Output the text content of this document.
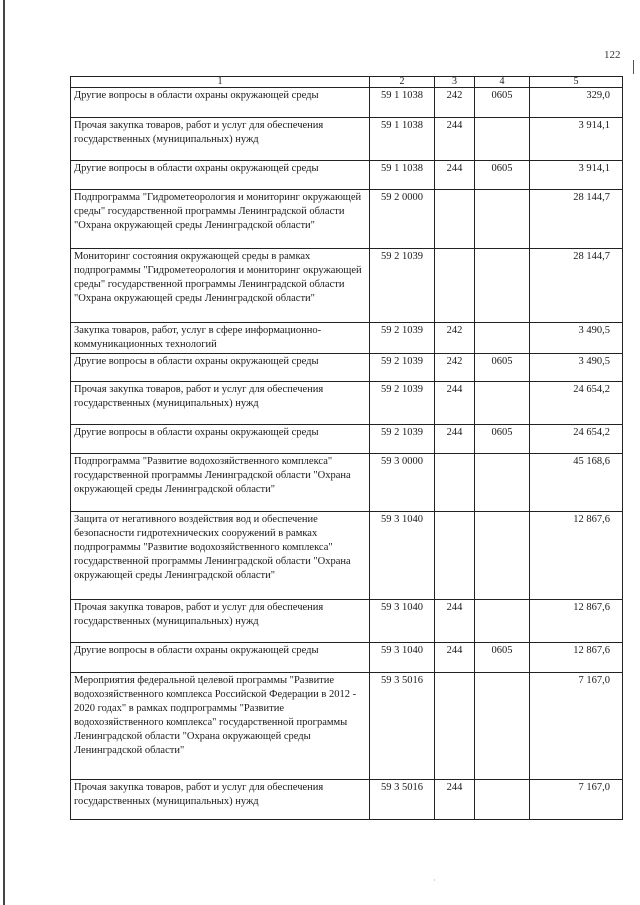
122
1	2	3	4	5
Другие вопросы в области охраны окружающей среды	59 1 1038	242	0605	329,0
Прочая закупка товаров, работ и услуг для обеспечения государственных (муниципальных) нужд	59 1 1038	244		3 914,1
Другие вопросы в области охраны окружающей среды	59 1 1038	244	0605	3 914,1
Подпрограмма "Гидрометеорология и мониторинг окружающей среды" государственной программы Ленинградской области "Охрана окружающей среды Ленинградской области"	59 2 0000			28 144,7
Мониторинг состояния окружающей среды в рамках подпрограммы "Гидрометеорология и мониторинг окружающей среды" государственной программы Ленинградской области "Охрана окружающей среды Ленинградской области"	59 2 1039			28 144,7
Закупка товаров, работ, услуг в сфере информационно-коммуникационных технологий	59 2 1039	242		3 490,5
Другие вопросы в области охраны окружающей среды	59 2 1039	242	0605	3 490,5
Прочая закупка товаров, работ и услуг для обеспечения государственных (муниципальных) нужд	59 2 1039	244		24 654,2
Другие вопросы в области охраны окружающей среды	59 2 1039	244	0605	24 654,2
Подпрограмма "Развитие водохозяйственного комплекса" государственной программы Ленинградской области "Охрана окружающей среды Ленинградской области"	59 3 0000			45 168,6
Защита от негативного воздействия вод и обеспечение безопасности гидротехнических сооружений в рамках подпрограммы "Развитие водохозяйственного комплекса" государственной программы Ленинградской области "Охрана окружающей среды Ленинградской области"	59 3 1040			12 867,6
Прочая закупка товаров, работ и услуг для обеспечения государственных (муниципальных) нужд	59 3 1040	244		12 867,6
Другие вопросы в области охраны окружающей среды	59 3 1040	244	0605	12 867,6
Мероприятия федеральной целевой программы "Развитие водохозяйственного комплекса Российской Федерации в 2012 - 2020 годах" в рамках подпрограммы "Развитие водохозяйственного комплекса" государственной программы Ленинградской области "Охрана окружающей среды Ленинградской области"	59 3 5016			7 167,0
Прочая закупка товаров, работ и услуг для обеспечения государственных (муниципальных) нужд	59 3 5016	244		7 167,0
·
